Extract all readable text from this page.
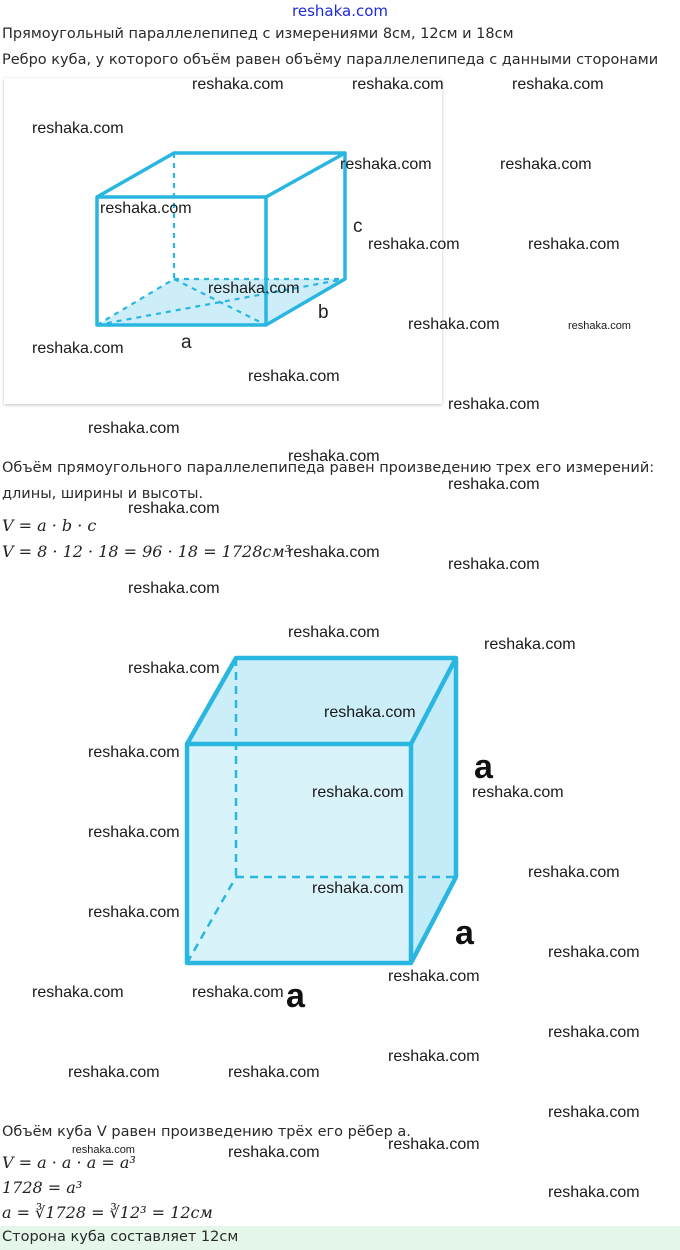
reshaka.com
Прямоугольный параллелепипед с измерениями 8см, 12см и 18см
Ребро куба, у которого объём равен объёму параллелепипеда с данными сторонами
a
b
c
Объём прямоугольного параллелепипеда равен произведению трех его измерений:
длины, ширины и высоты.
V = a · b · c
V = 8 · 12 · 18 = 96 · 18 = 1728см³
a
a
a
Объём куба V равен произведению трёх его рёбер a.
V = a · a · a = a³
1728 = a³
a = ∛1728 = ∛12³ = 12см
Сторона куба составляет 12см
reshaka.com	reshaka.com	reshaka.com
reshaka.com
reshaka.com	reshaka.com
reshaka.com
reshaka.com	reshaka.com
reshaka.com
reshaka.com	reshaka.com
reshaka.com
reshaka.com
reshaka.com
reshaka.com
reshaka.com
reshaka.com
reshaka.com
reshaka.com
reshaka.com
reshaka.com
reshaka.com
reshaka.com
reshaka.com
reshaka.com
reshaka.com
reshaka.com	reshaka.com
reshaka.com
reshaka.com
reshaka.com
reshaka.com
reshaka.com
reshaka.com
reshaka.com	reshaka.com
reshaka.com
reshaka.com
reshaka.com	reshaka.com
reshaka.com
reshaka.com
reshaka.com	reshaka.com
reshaka.com
